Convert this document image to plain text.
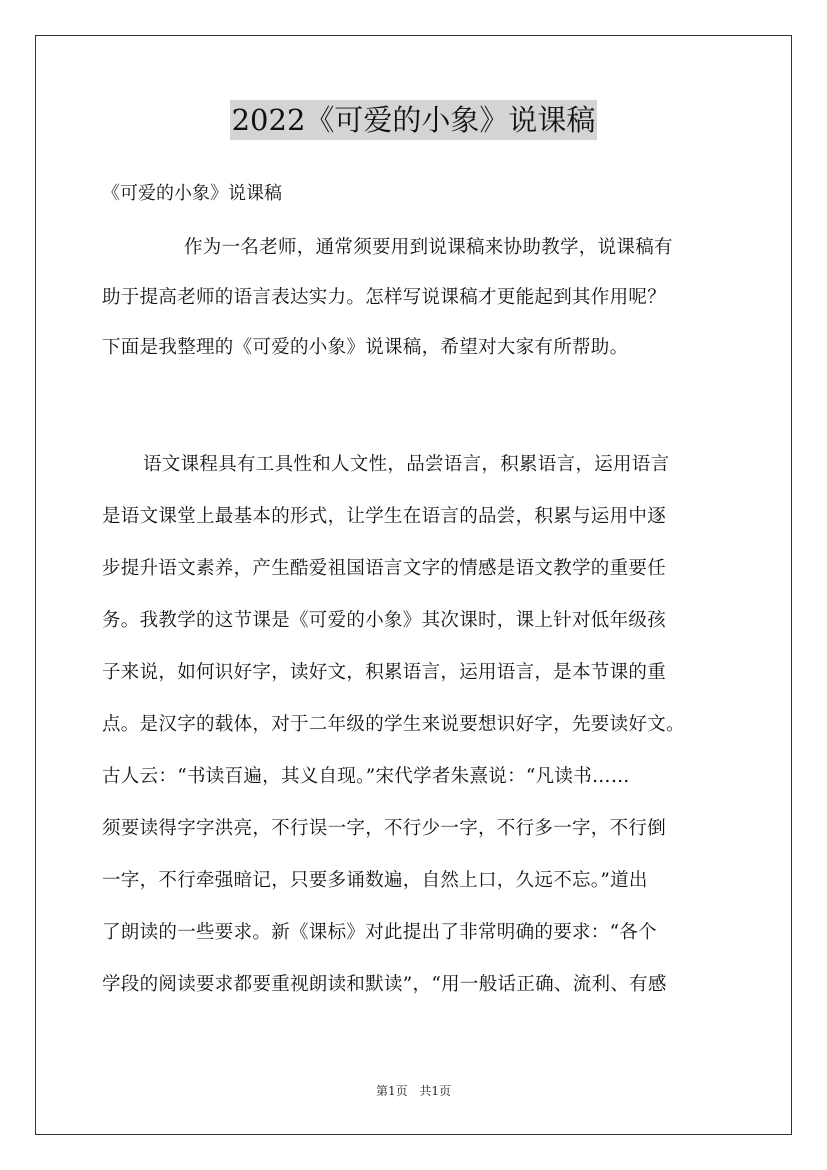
2022《可爱的小象》说课稿
《可爱的小象》说课稿
作为一名老师，通常须要用到说课稿来协助教学，说课稿有
助于提高老师的语言表达实力。怎样写说课稿才更能起到其作用呢？
下面是我整理的《可爱的小象》说课稿，希望对大家有所帮助。
语文课程具有工具性和人文性，品尝语言，积累语言，运用语言
是语文课堂上最基本的形式，让学生在语言的品尝，积累与运用中逐
步提升语文素养，产生酷爱祖国语言文字的情感是语文教学的重要任
务。我教学的这节课是《可爱的小象》其次课时，课上针对低年级孩
子来说，如何识好字，读好文，积累语言，运用语言，是本节课的重
点。是汉字的载体，对于二年级的学生来说要想识好字，先要读好文。
古人云：“书读百遍，其义自现。”宋代学者朱熹说：“凡读书……
须要读得字字洪亮，不行误一字，不行少一字，不行多一字，不行倒
一字，不行牵强暗记，只要多诵数遍，自然上口，久远不忘。”道出
了朗读的一些要求。新《课标》对此提出了非常明确的要求：“各个
学段的阅读要求都要重视朗读和默读”，“用一般话正确、流利、有感
第1页 共1页
